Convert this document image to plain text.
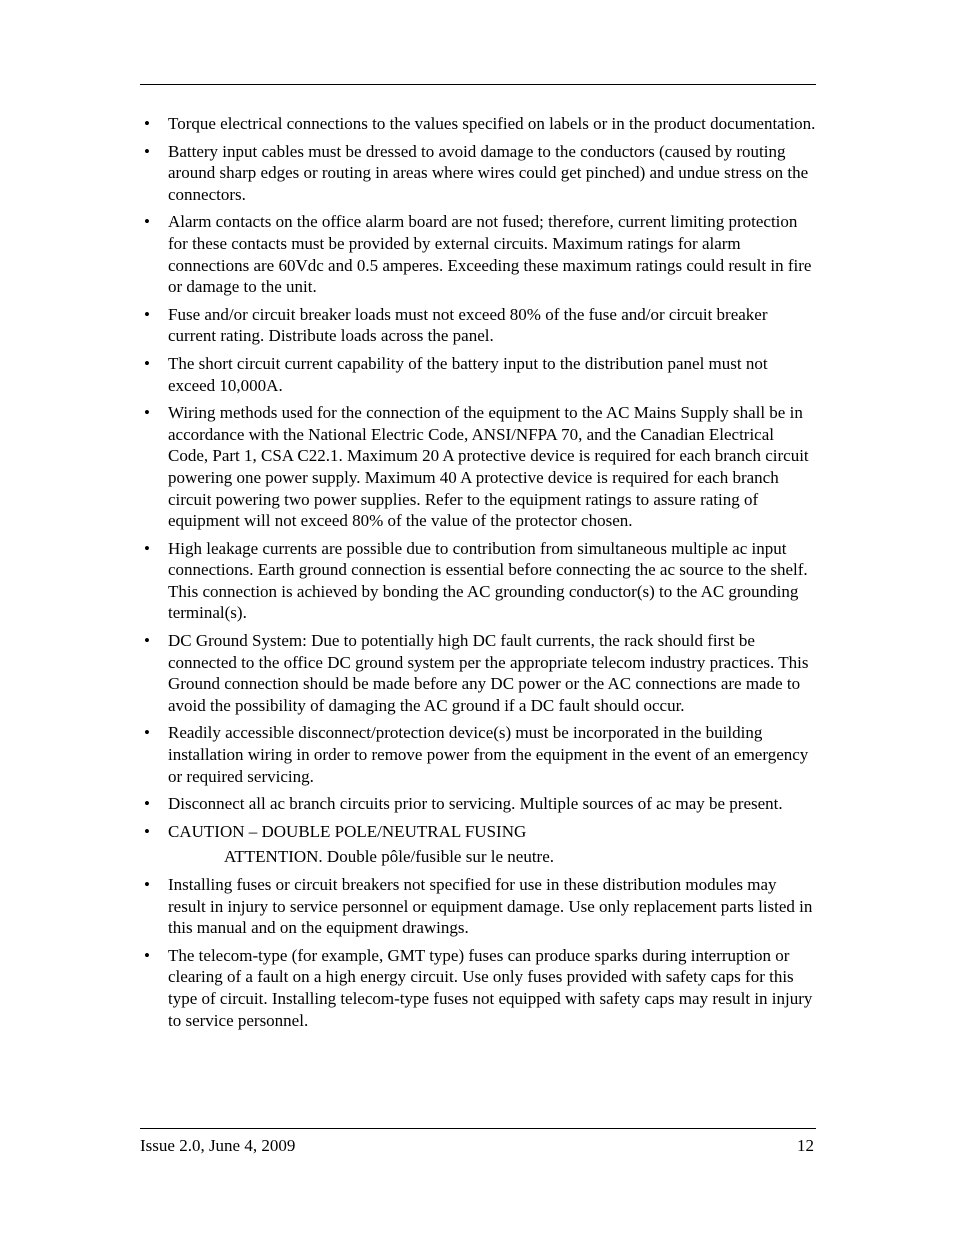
• Torque electrical connections to the values specified on labels or in the product documentation.
• Battery input cables must be dressed to avoid damage to the conductors (caused by routing around sharp edges or routing in areas where wires could get pinched) and undue stress on the connectors.
• Alarm contacts on the office alarm board are not fused; therefore, current limiting protection for these contacts must be provided by external circuits. Maximum ratings for alarm connections are 60Vdc and 0.5 amperes. Exceeding these maximum ratings could result in fire or damage to the unit.
• Fuse and/or circuit breaker loads must not exceed 80% of the fuse and/or circuit breaker current rating. Distribute loads across the panel.
• The short circuit current capability of the battery input to the distribution panel must not exceed 10,000A.
• Wiring methods used for the connection of the equipment to the AC Mains Supply shall be in accordance with the National Electric Code, ANSI/NFPA 70, and the Canadian Electrical Code, Part 1, CSA C22.1. Maximum 20 A protective device is required for each branch circuit powering one power supply. Maximum 40 A protective device is required for each branch circuit powering two power supplies. Refer to the equipment ratings to assure rating of equipment will not exceed 80% of the value of the protector chosen.
• High leakage currents are possible due to contribution from simultaneous multiple ac input connections. Earth ground connection is essential before connecting the ac source to the shelf. This connection is achieved by bonding the AC grounding conductor(s) to the AC grounding terminal(s).
• DC Ground System: Due to potentially high DC fault currents, the rack should first be connected to the office DC ground system per the appropriate telecom industry practices. This Ground connection should be made before any DC power or the AC connections are made to avoid the possibility of damaging the AC ground if a DC fault should occur.
• Readily accessible disconnect/protection device(s) must be incorporated in the building installation wiring in order to remove power from the equipment in the event of an emergency or required servicing.
• Disconnect all ac branch circuits prior to servicing. Multiple sources of ac may be present.
• CAUTION – DOUBLE POLE/NEUTRAL FUSING
ATTENTION. Double pôle/fusible sur le neutre.
• Installing fuses or circuit breakers not specified for use in these distribution modules may result in injury to service personnel or equipment damage. Use only replacement parts listed in this manual and on the equipment drawings.
• The telecom-type (for example, GMT type) fuses can produce sparks during interruption or clearing of a fault on a high energy circuit. Use only fuses provided with safety caps for this type of circuit. Installing telecom-type fuses not equipped with safety caps may result in injury to service personnel.
Issue 2.0, June 4, 2009	12
